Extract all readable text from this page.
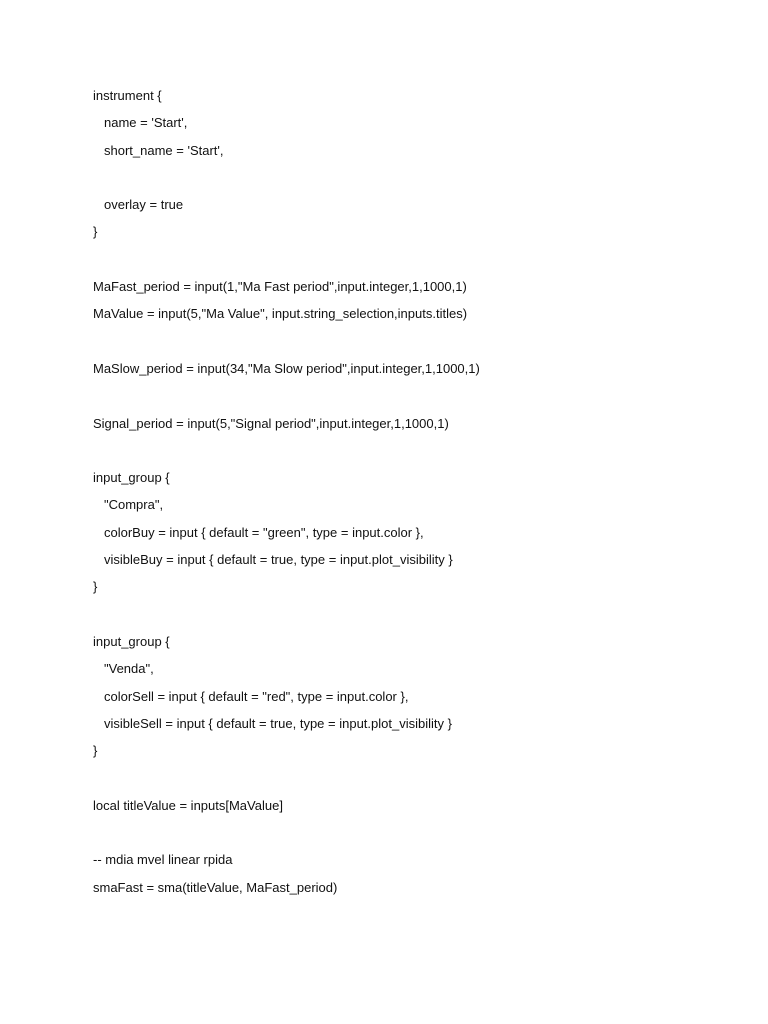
instrument {
name = 'Start',
short_name = 'Start',
overlay = true
}
MaFast_period = input(1,"Ma Fast period",input.integer,1,1000,1)
MaValue = input(5,"Ma Value", input.string_selection,inputs.titles)
MaSlow_period = input(34,"Ma Slow period",input.integer,1,1000,1)
Signal_period = input(5,"Signal period",input.integer,1,1000,1)
input_group {
"Compra",
colorBuy = input { default = "green", type = input.color },
visibleBuy = input { default = true, type = input.plot_visibility }
}
input_group {
"Venda",
colorSell = input { default = "red", type = input.color },
visibleSell = input { default = true, type = input.plot_visibility }
}
local titleValue = inputs[MaValue]
-- mdia mvel linear rpida
smaFast = sma(titleValue, MaFast_period)
